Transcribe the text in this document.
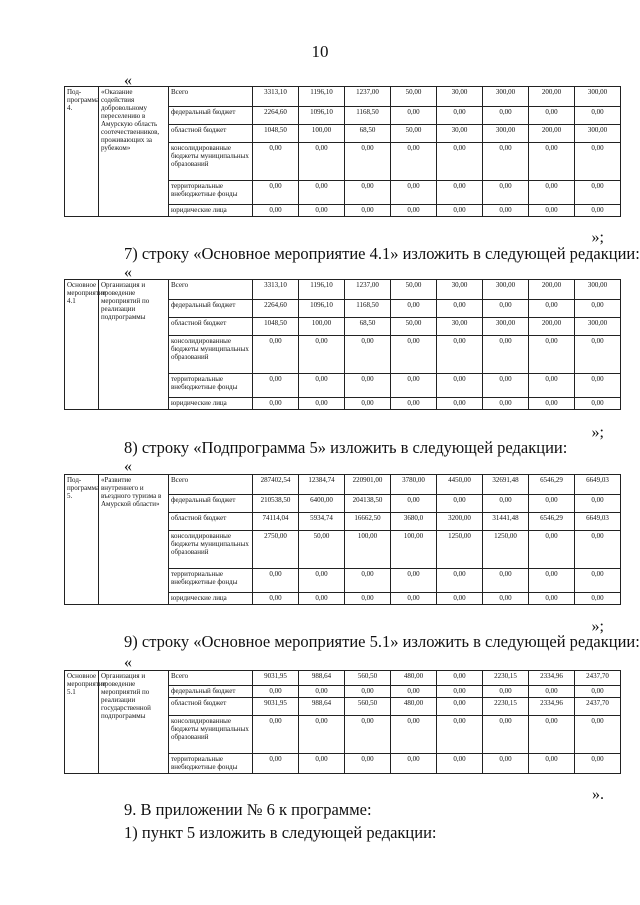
10
«
Под-программа 4.	«Оказание содействия добровольному переселению в Амурскую область соотечественников, проживающих за рубежом»	Всего	3313,10	1196,10	1237,00	50,00	30,00	300,00	200,00	300,00
		федеральный бюджет	2264,60	1096,10	1168,50	0,00	0,00	0,00	0,00	0,00
		областной бюджет	1048,50	100,00	68,50	50,00	30,00	300,00	200,00	300,00
		консолидированные бюджеты муниципальных образований	0,00	0,00	0,00	0,00	0,00	0,00	0,00	0,00
		территориальные внебюджетные фонды	0,00	0,00	0,00	0,00	0,00	0,00	0,00	0,00
		юридические лица	0,00	0,00	0,00	0,00	0,00	0,00	0,00	0,00
»;
7) строку «Основное мероприятие 4.1» изложить в следующей редакции:
«
Основное мероприятие 4.1	Организация и проведение мероприятий по реализации подпрограммы	Всего	3313,10	1196,10	1237,00	50,00	30,00	300,00	200,00	300,00
		федеральный бюджет	2264,60	1096,10	1168,50	0,00	0,00	0,00	0,00	0,00
		областной бюджет	1048,50	100,00	68,50	50,00	30,00	300,00	200,00	300,00
		консолидированные бюджеты муниципальных образований	0,00	0,00	0,00	0,00	0,00	0,00	0,00	0,00
		территориальные внебюджетные фонды	0,00	0,00	0,00	0,00	0,00	0,00	0,00	0,00
		юридические лица	0,00	0,00	0,00	0,00	0,00	0,00	0,00	0,00
»;
8) строку «Подпрограмма 5» изложить в следующей редакции:
«
Под-программа 5.	«Развитие внутреннего и въездного туризма в Амурской области»	Всего	287402,54	12384,74	220901,00	3780,00	4450,00	32691,48	6546,29	6649,03
		федеральный бюджет	210538,50	6400,00	204138,50	0,00	0,00	0,00	0,00	0,00
		областной бюджет	74114,04	5934,74	16662,50	3680,0	3200,00	31441,48	6546,29	6649,03
		консолидированные бюджеты муниципальных образований	2750,00	50,00	100,00	100,00	1250,00	1250,00	0,00	0,00
		территориальные внебюджетные фонды	0,00	0,00	0,00	0,00	0,00	0,00	0,00	0,00
		юридические лица	0,00	0,00	0,00	0,00	0,00	0,00	0,00	0,00
»;
9) строку «Основное мероприятие 5.1» изложить в следующей редакции:
«
Основное мероприятие 5.1	Организация и проведение мероприятий по реализации государственной подпрограммы	Всего	9031,95	988,64	560,50	480,00	0,00	2230,15	2334,96	2437,70
		федеральный бюджет	0,00	0,00	0,00	0,00	0,00	0,00	0,00	0,00
		областной бюджет	9031,95	988,64	560,50	480,00	0,00	2230,15	2334,96	2437,70
		консолидированные бюджеты муниципальных образований	0,00	0,00	0,00	0,00	0,00	0,00	0,00	0,00
		территориальные внебюджетные фонды	0,00	0,00	0,00	0,00	0,00	0,00	0,00	0,00
».
9. В приложении № 6 к программе:
1) пункт 5 изложить в следующей редакции:
